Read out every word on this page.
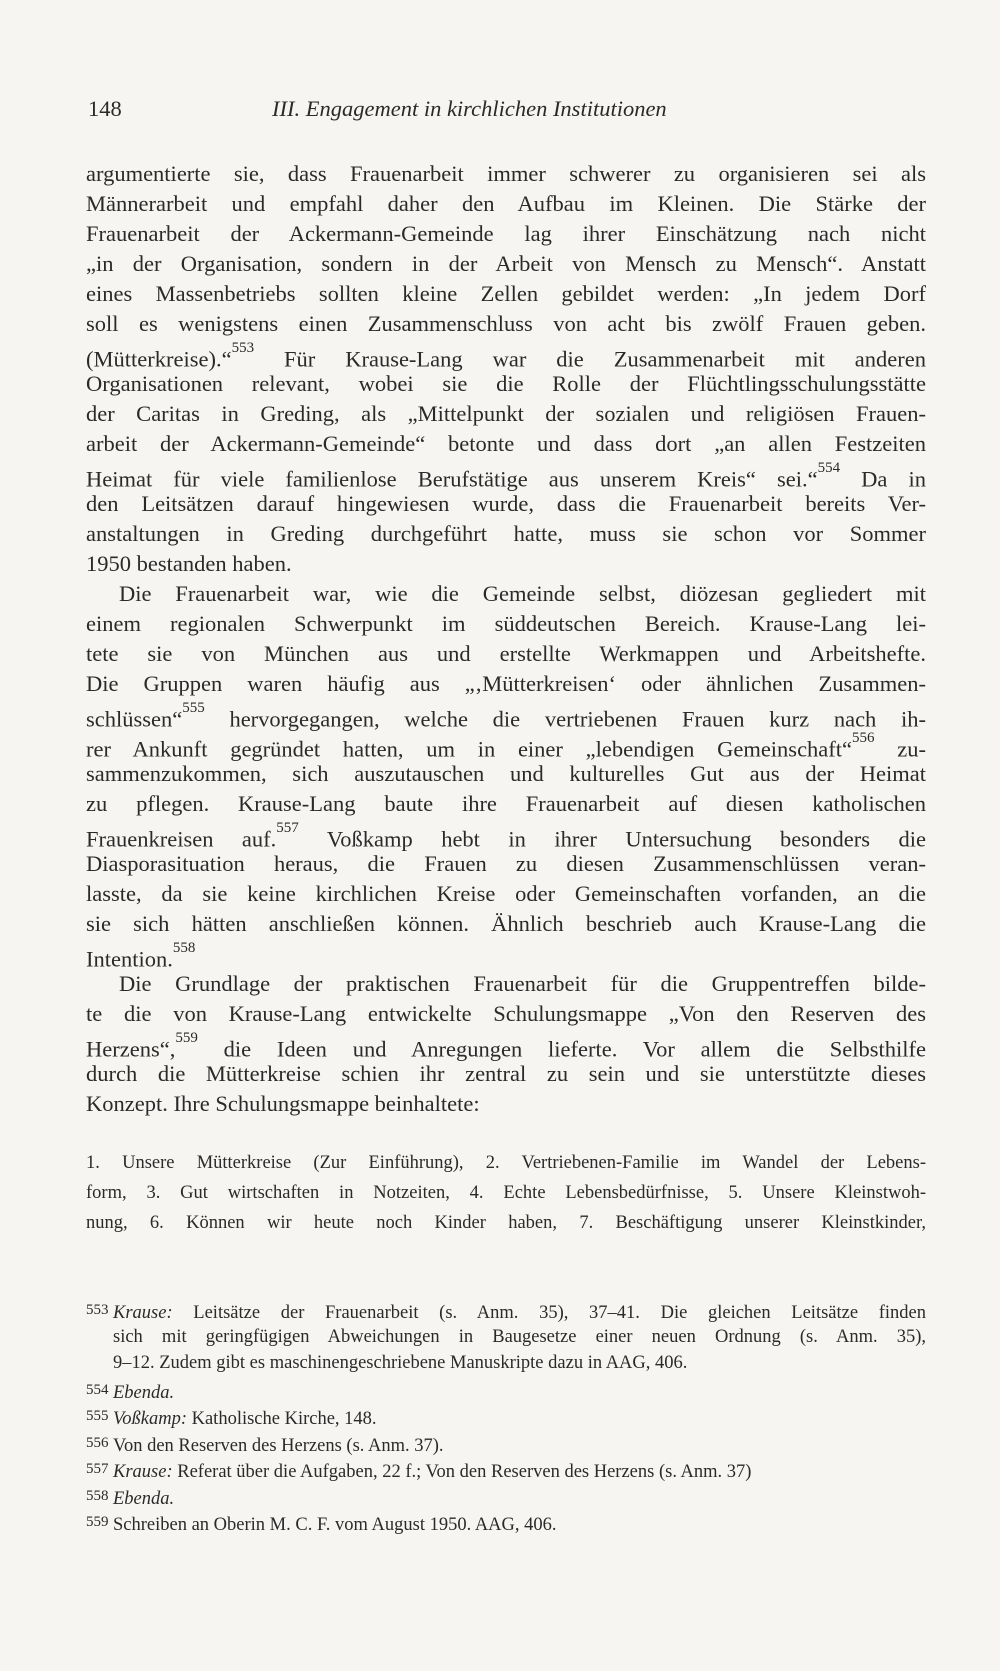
148	III. Engagement in kirchlichen Institutionen
argumentierte sie, dass Frauenarbeit immer schwerer zu organisieren sei als
Männerarbeit und empfahl daher den Aufbau im Kleinen. Die Stärke der
Frauenarbeit der Ackermann-Gemeinde lag ihrer Einschätzung nach nicht
„in der Organisation, sondern in der Arbeit von Mensch zu Mensch“. Anstatt
eines Massenbetriebs sollten kleine Zellen gebildet werden: „In jedem Dorf
soll es wenigstens einen Zusammenschluss von acht bis zwölf Frauen geben.
(Mütterkreise).“$^{553}$ Für Krause-Lang war die Zusammenarbeit mit anderen
Organisationen relevant, wobei sie die Rolle der Flüchtlingsschulungsstätte
der Caritas in Greding, als „Mittelpunkt der sozialen und religiösen Frauen-
arbeit der Ackermann-Gemeinde“ betonte und dass dort „an allen Festzeiten
Heimat für viele familienlose Berufstätige aus unserem Kreis“ sei.“$^{554}$ Da in
den Leitsätzen darauf hingewiesen wurde, dass die Frauenarbeit bereits Ver-
anstaltungen in Greding durchgeführt hatte, muss sie schon vor Sommer
1950 bestanden haben.
Die Frauenarbeit war, wie die Gemeinde selbst, diözesan gegliedert mit
einem regionalen Schwerpunkt im süddeutschen Bereich. Krause-Lang lei-
tete sie von München aus und erstellte Werkmappen und Arbeitshefte.
Die Gruppen waren häufig aus „‚Mütterkreisen‘ oder ähnlichen Zusammen-
schlüssen“$^{555}$ hervorgegangen, welche die vertriebenen Frauen kurz nach ih-
rer Ankunft gegründet hatten, um in einer „lebendigen Gemeinschaft“$^{556}$ zu-
sammenzukommen, sich auszutauschen und kulturelles Gut aus der Heimat
zu pflegen. Krause-Lang baute ihre Frauenarbeit auf diesen katholischen
Frauenkreisen auf.$^{557}$ Voßkamp hebt in ihrer Untersuchung besonders die
Diasporasituation heraus, die Frauen zu diesen Zusammenschlüssen veran-
lasste, da sie keine kirchlichen Kreise oder Gemeinschaften vorfanden, an die
sie sich hätten anschließen können. Ähnlich beschrieb auch Krause-Lang die
Intention.$^{558}$
Die Grundlage der praktischen Frauenarbeit für die Gruppentreffen bilde-
te die von Krause-Lang entwickelte Schulungsmappe „Von den Reserven des
Herzens“,$^{559}$ die Ideen und Anregungen lieferte. Vor allem die Selbsthilfe
durch die Mütterkreise schien ihr zentral zu sein und sie unterstützte dieses
Konzept. Ihre Schulungsmappe beinhaltete:
1. Unsere Mütterkreise (Zur Einführung), 2. Vertriebenen-Familie im Wandel der Lebens-
form, 3. Gut wirtschaften in Notzeiten, 4. Echte Lebensbedürfnisse, 5. Unsere Kleinstwoh-
nung, 6. Können wir heute noch Kinder haben, 7. Beschäftigung unserer Kleinstkinder,
553 Krause: Leitsätze der Frauenarbeit (s. Anm. 35), 37–41. Die gleichen Leitsätze finden
sich mit geringfügigen Abweichungen in Baugesetze einer neuen Ordnung (s. Anm. 35),
9–12. Zudem gibt es maschinengeschriebene Manuskripte dazu in AAG, 406.
554 Ebenda.
555 Voßkamp: Katholische Kirche, 148.
556 Von den Reserven des Herzens (s. Anm. 37).
557 Krause: Referat über die Aufgaben, 22 f.; Von den Reserven des Herzens (s. Anm. 37)
558 Ebenda.
559 Schreiben an Oberin M. C. F. vom August 1950. AAG, 406.
